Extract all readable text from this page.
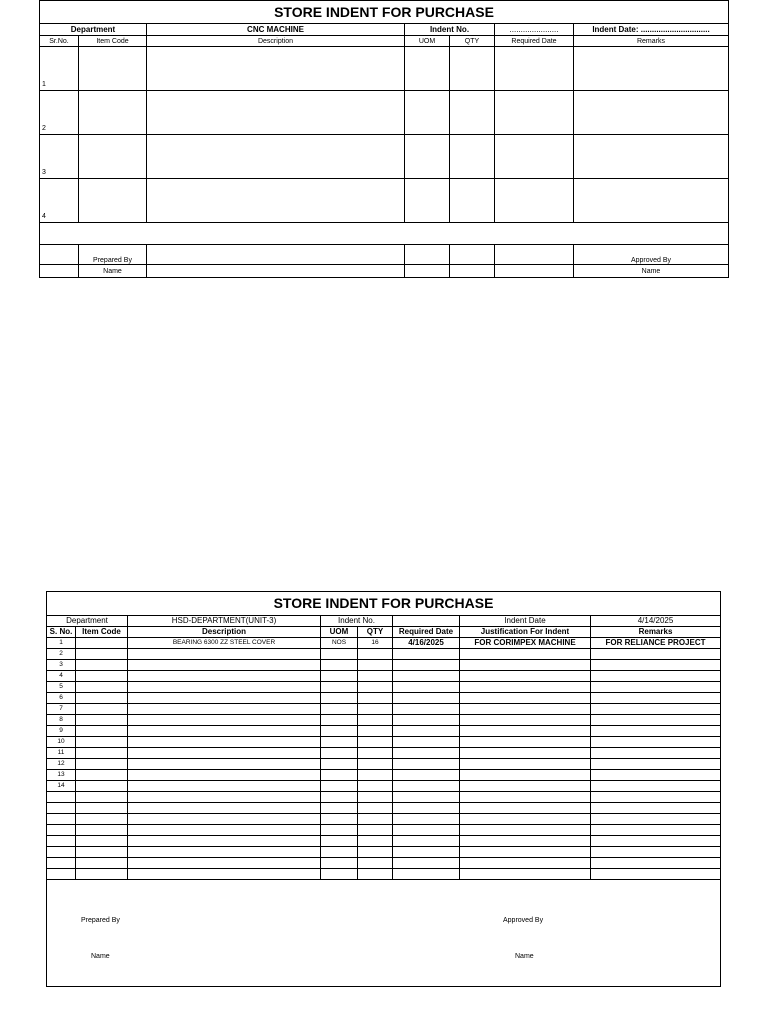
STORE INDENT FOR PURCHASE						
Department		CNC MACHINE	Indent No.		......................	Indent Date: ...............................
Sr.No.	Item Code	Description	UOM	QTY	Required Date	Remarks
1						
2						
3						
4						

	Prepared By					Approved By
	Name					Name
STORE INDENT FOR PURCHASE							
Department		HSD-DEPARTMENT(UNIT-3)	Indent No.			Indent Date	4/14/2025
S. No.	Item Code	Description	UOM	QTY	Required Date	Justification For Indent	Remarks
1		BEARING 6300 ZZ STEEL COVER	NOS	16	4/16/2025	FOR CORIMPEX MACHINE	FOR RELIANCE PROJECT
2							
3							
4							
5							
6							
7							
8							
9							
10							
11							
12							
13							
14							

Prepared By
Name
Approved By
Name							
